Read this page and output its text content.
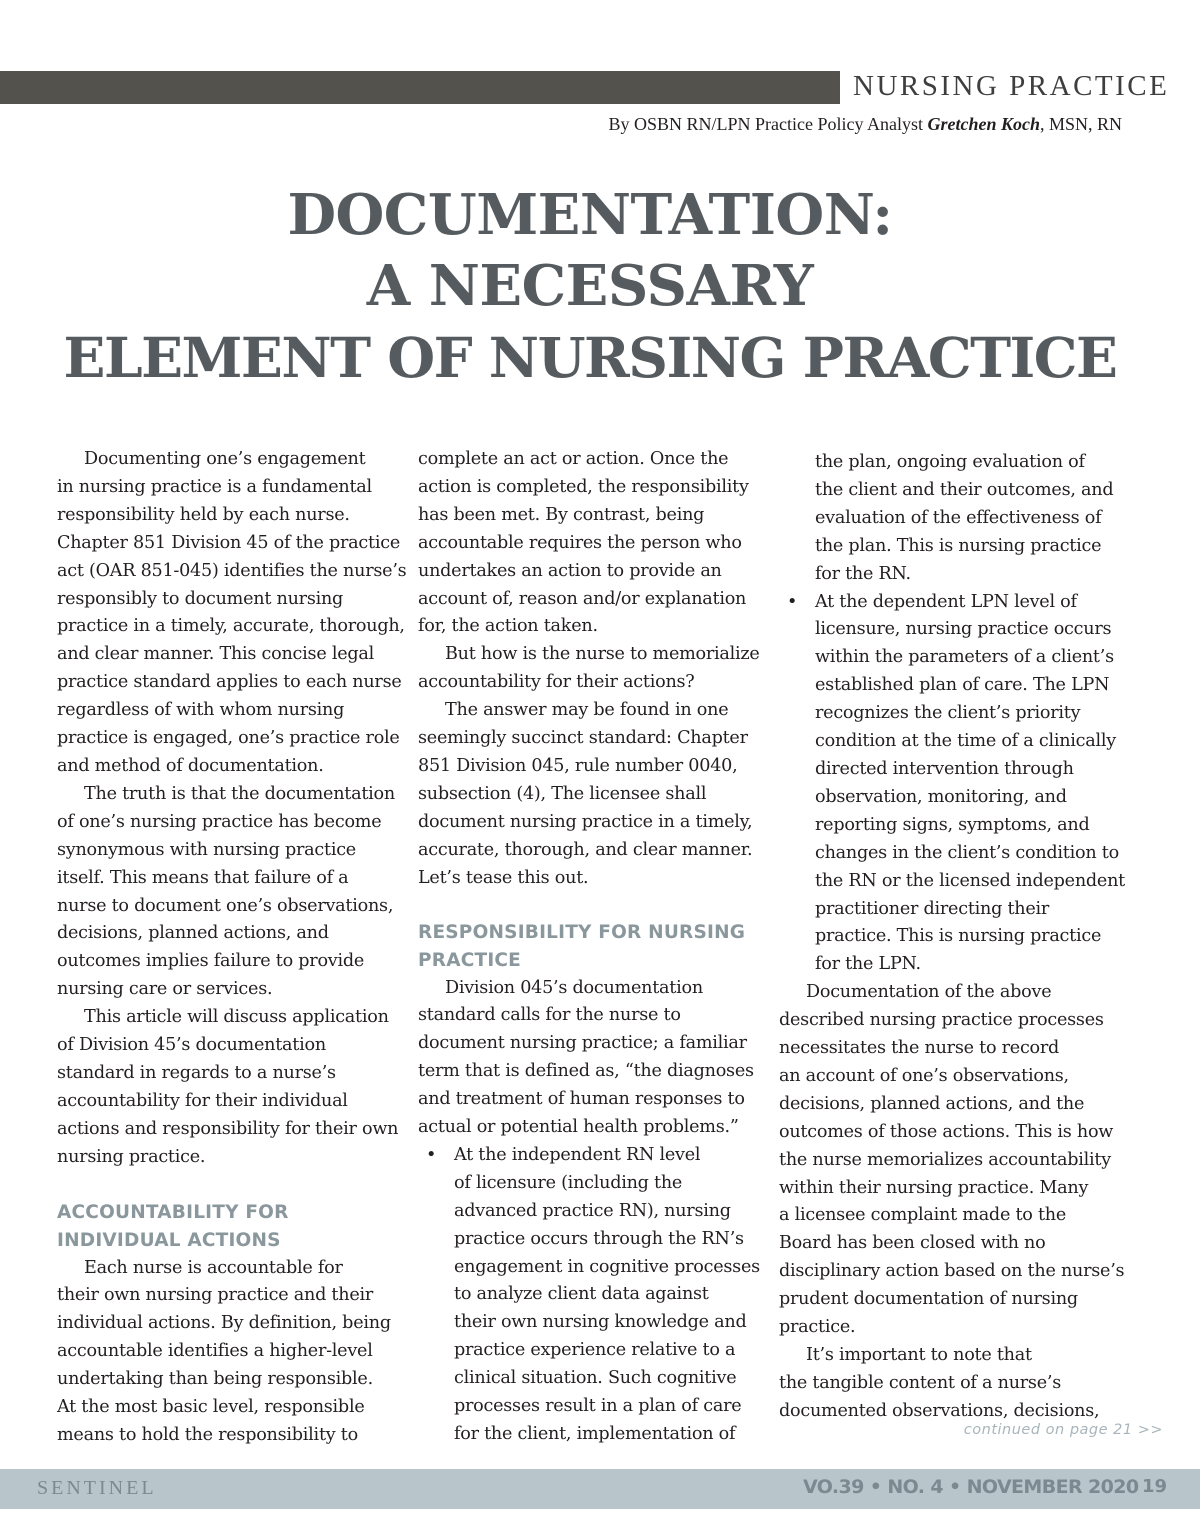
NURSING PRACTICE
By OSBN RN/LPN Practice Policy Analyst Gretchen Koch, MSN, RN
DOCUMENTATION:
A NECESSARY
ELEMENT OF NURSING PRACTICE

Documenting one’s engagement
in nursing practice is a fundamental
responsibility held by each nurse.
Chapter 851 Division 45 of the practice
act (OAR 851-045) identifies the nurse’s
responsibly to document nursing
practice in a timely, accurate, thorough,
and clear manner. This concise legal
practice standard applies to each nurse
regardless of with whom nursing
practice is engaged, one’s practice role
and method of documentation.

The truth is that the documentation
of one’s nursing practice has become
synonymous with nursing practice
itself. This means that failure of a
nurse to document one’s observations,
decisions, planned actions, and
outcomes implies failure to provide
nursing care or services.

This article will discuss application
of Division 45’s documentation
standard in regards to a nurse’s
accountability for their individual
actions and responsibility for their own
nursing practice.

ACCOUNTABILITY FOR
INDIVIDUAL ACTIONS

Each nurse is accountable for
their own nursing practice and their
individual actions. By definition, being
accountable identifies a higher-level
undertaking than being responsible.
At the most basic level, responsible
means to hold the responsibility to

complete an act or action. Once the
action is completed, the responsibility
has been met. By contrast, being
accountable requires the person who
undertakes an action to provide an
account of, reason and/or explanation
for, the action taken.

But how is the nurse to memorialize
accountability for their actions?

The answer may be found in one
seemingly succinct standard: Chapter
851 Division 045, rule number 0040,
subsection (4), The licensee shall
document nursing practice in a timely,
accurate, thorough, and clear manner.
Let’s tease this out.

RESPONSIBILITY FOR NURSING
PRACTICE

Division 045’s documentation
standard calls for the nurse to
document nursing practice; a familiar
term that is defined as, “the diagnoses
and treatment of human responses to
actual or potential health problems.”

• At the independent RN level
of licensure (including the
advanced practice RN), nursing
practice occurs through the RN’s
engagement in cognitive processes
to analyze client data against
their own nursing knowledge and
practice experience relative to a
clinical situation. Such cognitive
processes result in a plan of care
for the client, implementation of

the plan, ongoing evaluation of
the client and their outcomes, and
evaluation of the effectiveness of
the plan. This is nursing practice
for the RN.

• At the dependent LPN level of
licensure, nursing practice occurs
within the parameters of a client’s
established plan of care. The LPN
recognizes the client’s priority
condition at the time of a clinically
directed intervention through
observation, monitoring, and
reporting signs, symptoms, and
changes in the client’s condition to
the RN or the licensed independent
practitioner directing their
practice. This is nursing practice
for the LPN.

Documentation of the above
described nursing practice processes
necessitates the nurse to record
an account of one’s observations,
decisions, planned actions, and the
outcomes of those actions. This is how
the nurse memorializes accountability
within their nursing practice. Many
a licensee complaint made to the
Board has been closed with no
disciplinary action based on the nurse’s
prudent documentation of nursing
practice.

It’s important to note that
the tangible content of a nurse’s
documented observations, decisions,

continued on page 21 >>
SENTINEL	VO.39 • NO. 4 • NOVEMBER 2020 19
